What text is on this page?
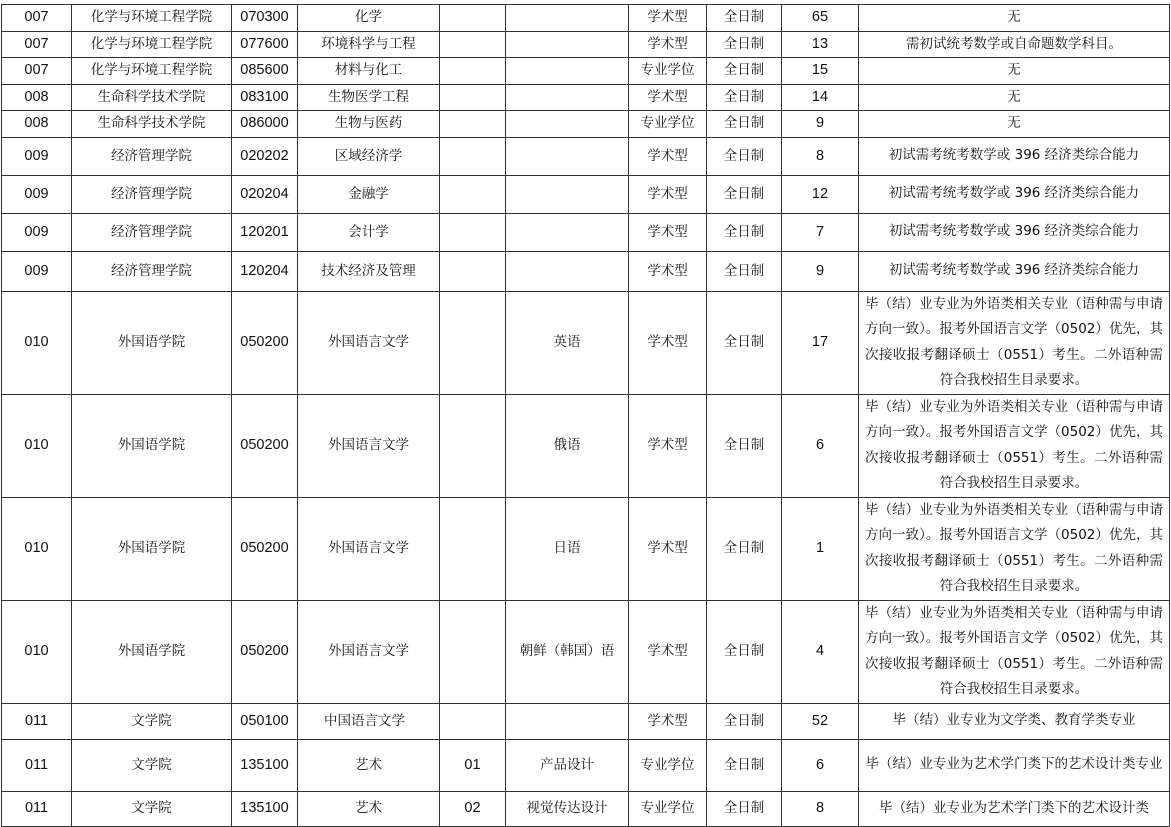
007	化学与环境工程学院	070300	化学			学术型	全日制	65	无
007	化学与环境工程学院	077600	环境科学与工程			学术型	全日制	13	需初试统考数学或自命题数学科目。
007	化学与环境工程学院	085600	材料与化工			专业学位	全日制	15	无
008	生命科学技术学院	083100	生物医学工程			学术型	全日制	14	无
008	生命科学技术学院	086000	生物与医药			专业学位	全日制	9	无
009	经济管理学院	020202	区域经济学			学术型	全日制	8	初试需考统考数学或 396 经济类综合能力
009	经济管理学院	020204	金融学			学术型	全日制	12	初试需考统考数学或 396 经济类综合能力
009	经济管理学院	120201	会计学			学术型	全日制	7	初试需考统考数学或 396 经济类综合能力
009	经济管理学院	120204	技术经济及管理			学术型	全日制	9	初试需考统考数学或 396 经济类综合能力
010	外国语学院	050200	外国语言文学		英语	学术型	全日制	17	毕（结）业专业为外语类相关专业（语种需与申请方向一致）。报考外国语言文学（0502）优先，其次接收报考翻译硕士（0551）考生。二外语种需符合我校招生目录要求。
010	外国语学院	050200	外国语言文学		俄语	学术型	全日制	6	毕（结）业专业为外语类相关专业（语种需与申请方向一致）。报考外国语言文学（0502）优先，其次接收报考翻译硕士（0551）考生。二外语种需符合我校招生目录要求。
010	外国语学院	050200	外国语言文学		日语	学术型	全日制	1	毕（结）业专业为外语类相关专业（语种需与申请方向一致）。报考外国语言文学（0502）优先，其次接收报考翻译硕士（0551）考生。二外语种需符合我校招生目录要求。
010	外国语学院	050200	外国语言文学		朝鲜（韩国）语	学术型	全日制	4	毕（结）业专业为外语类相关专业（语种需与申请方向一致）。报考外国语言文学（0502）优先，其次接收报考翻译硕士（0551）考生。二外语种需符合我校招生目录要求。
011	文学院	050100	中国语言文学			学术型	全日制	52	毕（结）业专业为文学类、教育学类专业
011	文学院	135100	艺术	01	产品设计	专业学位	全日制	6	毕（结）业专业为艺术学门类下的艺术设计类专业
011	文学院	135100	艺术	02	视觉传达设计	专业学位	全日制	8	毕（结）业专业为艺术学门类下的艺术设计类
